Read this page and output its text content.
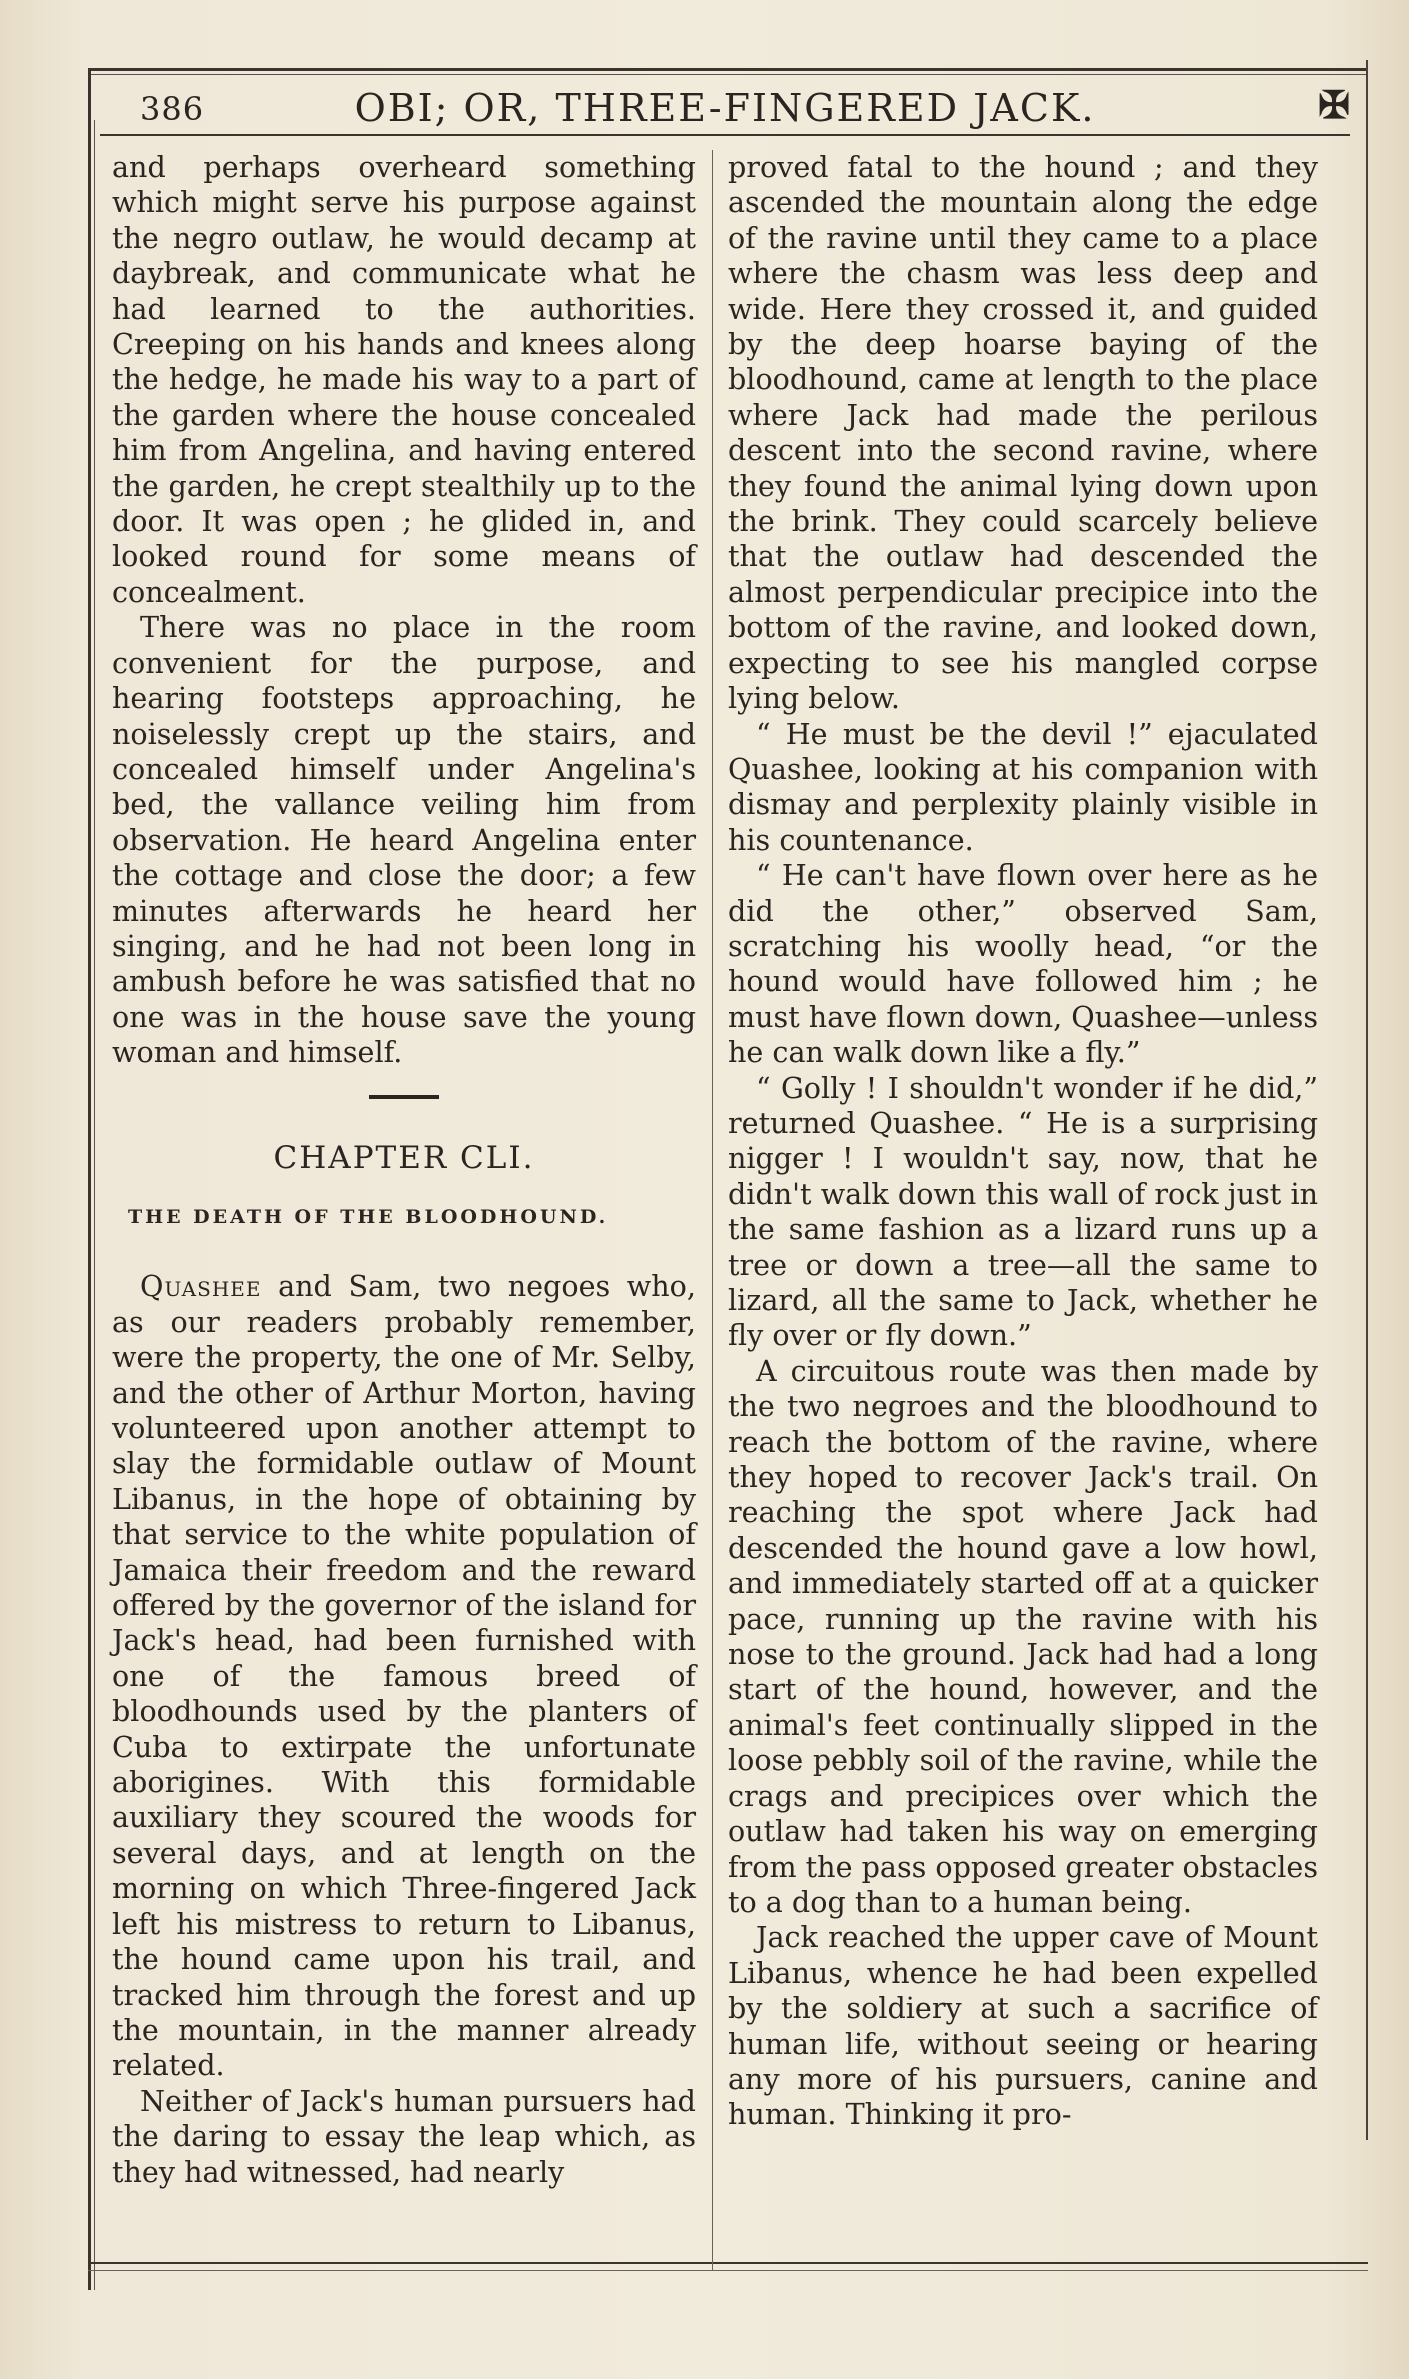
386	OBI; OR, THREE-FINGERED JACK.	✠

and perhaps overheard something which might serve his purpose against the negro outlaw, he would decamp at daybreak, and communicate what he had learned to the authorities. Creeping on his hands and knees along the hedge, he made his way to a part of the garden where the house concealed him from Angelina, and having entered the garden, he crept stealthily up to the door. It was open ; he glided in, and looked round for some means of concealment.

There was no place in the room convenient for the purpose, and hearing footsteps approaching, he noiselessly crept up the stairs, and concealed himself under Angelina's bed, the vallance veiling him from observation. He heard Angelina enter the cottage and close the door; a few minutes afterwards he heard her singing, and he had not been long in ambush before he was satisfied that no one was in the house save the young woman and himself.

CHAPTER CLI.
THE DEATH OF THE BLOODHOUND.

Quashee and Sam, two negoes who, as our readers probably remember, were the property, the one of Mr. Selby, and the other of Arthur Morton, having volunteered upon another attempt to slay the formidable outlaw of Mount Libanus, in the hope of obtaining by that service to the white population of Jamaica their freedom and the reward offered by the governor of the island for Jack's head, had been furnished with one of the famous breed of bloodhounds used by the planters of Cuba to extirpate the unfortunate aborigines. With this formidable auxiliary they scoured the woods for several days, and at length on the morning on which Three-fingered Jack left his mistress to return to Libanus, the hound came upon his trail, and tracked him through the forest and up the mountain, in the manner already related.

Neither of Jack's human pursuers had the daring to essay the leap which, as they had witnessed, had nearly

proved fatal to the hound ; and they ascended the mountain along the edge of the ravine until they came to a place where the chasm was less deep and wide. Here they crossed it, and guided by the deep hoarse baying of the bloodhound, came at length to the place where Jack had made the perilous descent into the second ravine, where they found the animal lying down upon the brink. They could scarcely believe that the outlaw had descended the almost perpendicular precipice into the bottom of the ravine, and looked down, expecting to see his mangled corpse lying below.

“ He must be the devil !” ejaculated Quashee, looking at his companion with dismay and perplexity plainly visible in his countenance.

“ He can't have flown over here as he did the other,” observed Sam, scratching his woolly head, “or the hound would have followed him ; he must have flown down, Quashee—unless he can walk down like a fly.”

“ Golly ! I shouldn't wonder if he did,” returned Quashee. “ He is a surprising nigger ! I wouldn't say, now, that he didn't walk down this wall of rock just in the same fashion as a lizard runs up a tree or down a tree—all the same to lizard, all the same to Jack, whether he fly over or fly down.”

A circuitous route was then made by the two negroes and the bloodhound to reach the bottom of the ravine, where they hoped to recover Jack's trail. On reaching the spot where Jack had descended the hound gave a low howl, and immediately started off at a quicker pace, running up the ravine with his nose to the ground. Jack had had a long start of the hound, however, and the animal's feet continually slipped in the loose pebbly soil of the ravine, while the crags and precipices over which the outlaw had taken his way on emerging from the pass opposed greater obstacles to a dog than to a human being.

Jack reached the upper cave of Mount Libanus, whence he had been expelled by the soldiery at such a sacrifice of human life, without seeing or hearing any more of his pursuers, canine and human. Thinking it pro-
